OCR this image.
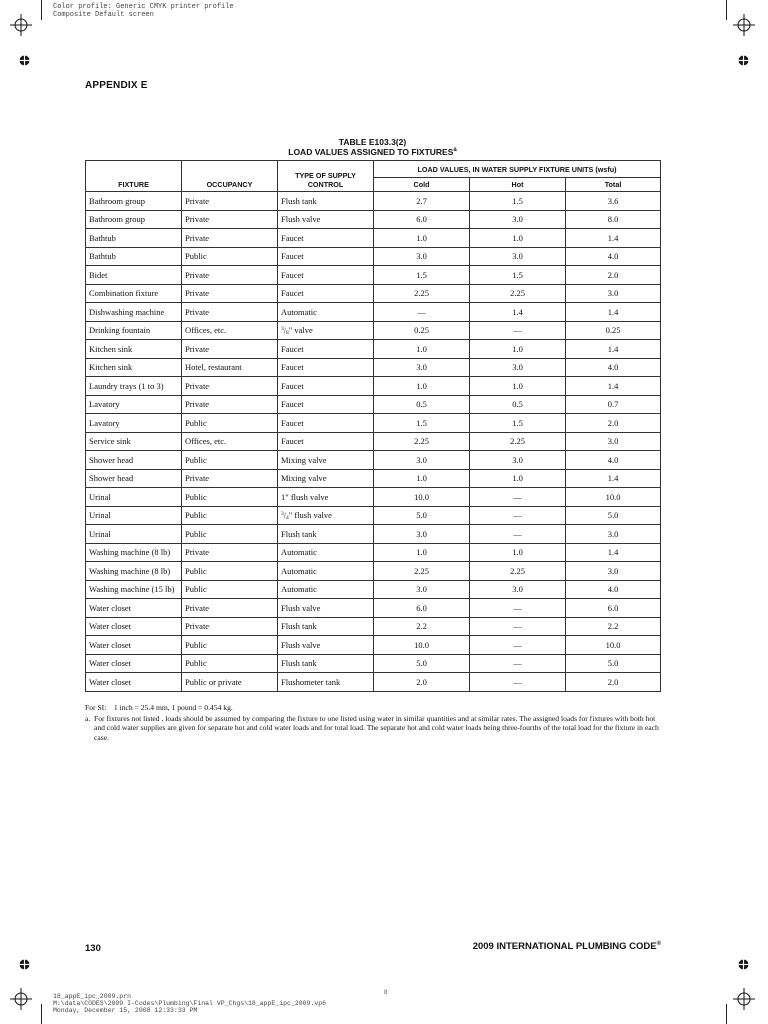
Color profile: Generic CMYK printer profile
Composite Default screen
18_appE_ipc_2009.prn
M:\data\CODES\2009 I-Codes\Plumbing\Final VP_Chgs\18_appE_ipc_2009.vp6
Monday, December 15, 2008 12:33:33 PM
8
APPENDIX E
TABLE E103.3(2)
LOAD VALUES ASSIGNED TO FIXTURES$^a$
FIXTURE	OCCUPANCY	TYPE OF SUPPLY CONTROL	LOAD VALUES, IN WATER SUPPLY FIXTURE UNITS (wsfu)		
			Cold	Hot	Total
Bathroom group	Private	Flush tank	2.7	1.5	3.6
Bathroom group	Private	Flush valve	6.0	3.0	8.0
Bathtub	Private	Faucet	1.0	1.0	1.4
Bathtub	Public	Faucet	3.0	3.0	4.0
Bidet	Private	Faucet	1.5	1.5	2.0
Combination fixture	Private	Faucet	2.25	2.25	3.0
Dishwashing machine	Private	Automatic	—	1.4	1.4
Drinking fountain	Offices, etc.	$^3$/8" valve	0.25	—	0.25
Kitchen sink	Private	Faucet	1.0	1.0	1.4
Kitchen sink	Hotel, restaurant	Faucet	3.0	3.0	4.0
Laundry trays (1 to 3)	Private	Faucet	1.0	1.0	1.4
Lavatory	Private	Faucet	0.5	0.5	0.7
Lavatory	Public	Faucet	1.5	1.5	2.0
Service sink	Offices, etc.	Faucet	2.25	2.25	3.0
Shower head	Public	Mixing valve	3.0	3.0	4.0
Shower head	Private	Mixing valve	1.0	1.0	1.4
Urinal	Public	1" flush valve	10.0	—	10.0
Urinal	Public	$^3$/4" flush valve	5.0	—	5.0
Urinal	Public	Flush tank	3.0	—	3.0
Washing machine (8 lb)	Private	Automatic	1.0	1.0	1.4
Washing machine (8 lb)	Public	Automatic	2.25	2.25	3.0
Washing machine (15 lb)	Public	Automatic	3.0	3.0	4.0
Water closet	Private	Flush valve	6.0	—	6.0
Water closet	Private	Flush tank	2.2	—	2.2
Water closet	Public	Flush valve	10.0	—	10.0
Water closet	Public	Flush tank	5.0	—	5.0
Water closet	Public or private	Flushometer tank	2.0	—	2.0
For SI:    1 inch = 25.4 mm, 1 pound = 0.454 kg.
a. For fixtures not listed , loads should be assumed by comparing the fixture to one listed using water in similar quantities and at similar rates. The assigned loads for fixtures with both hot and cold water supplies are given for separate hot and cold water loads and for total load. The separate hot and cold water loads being three-fourths of the total load for the fixture in each case.
130	2009 INTERNATIONAL PLUMBING CODE®
